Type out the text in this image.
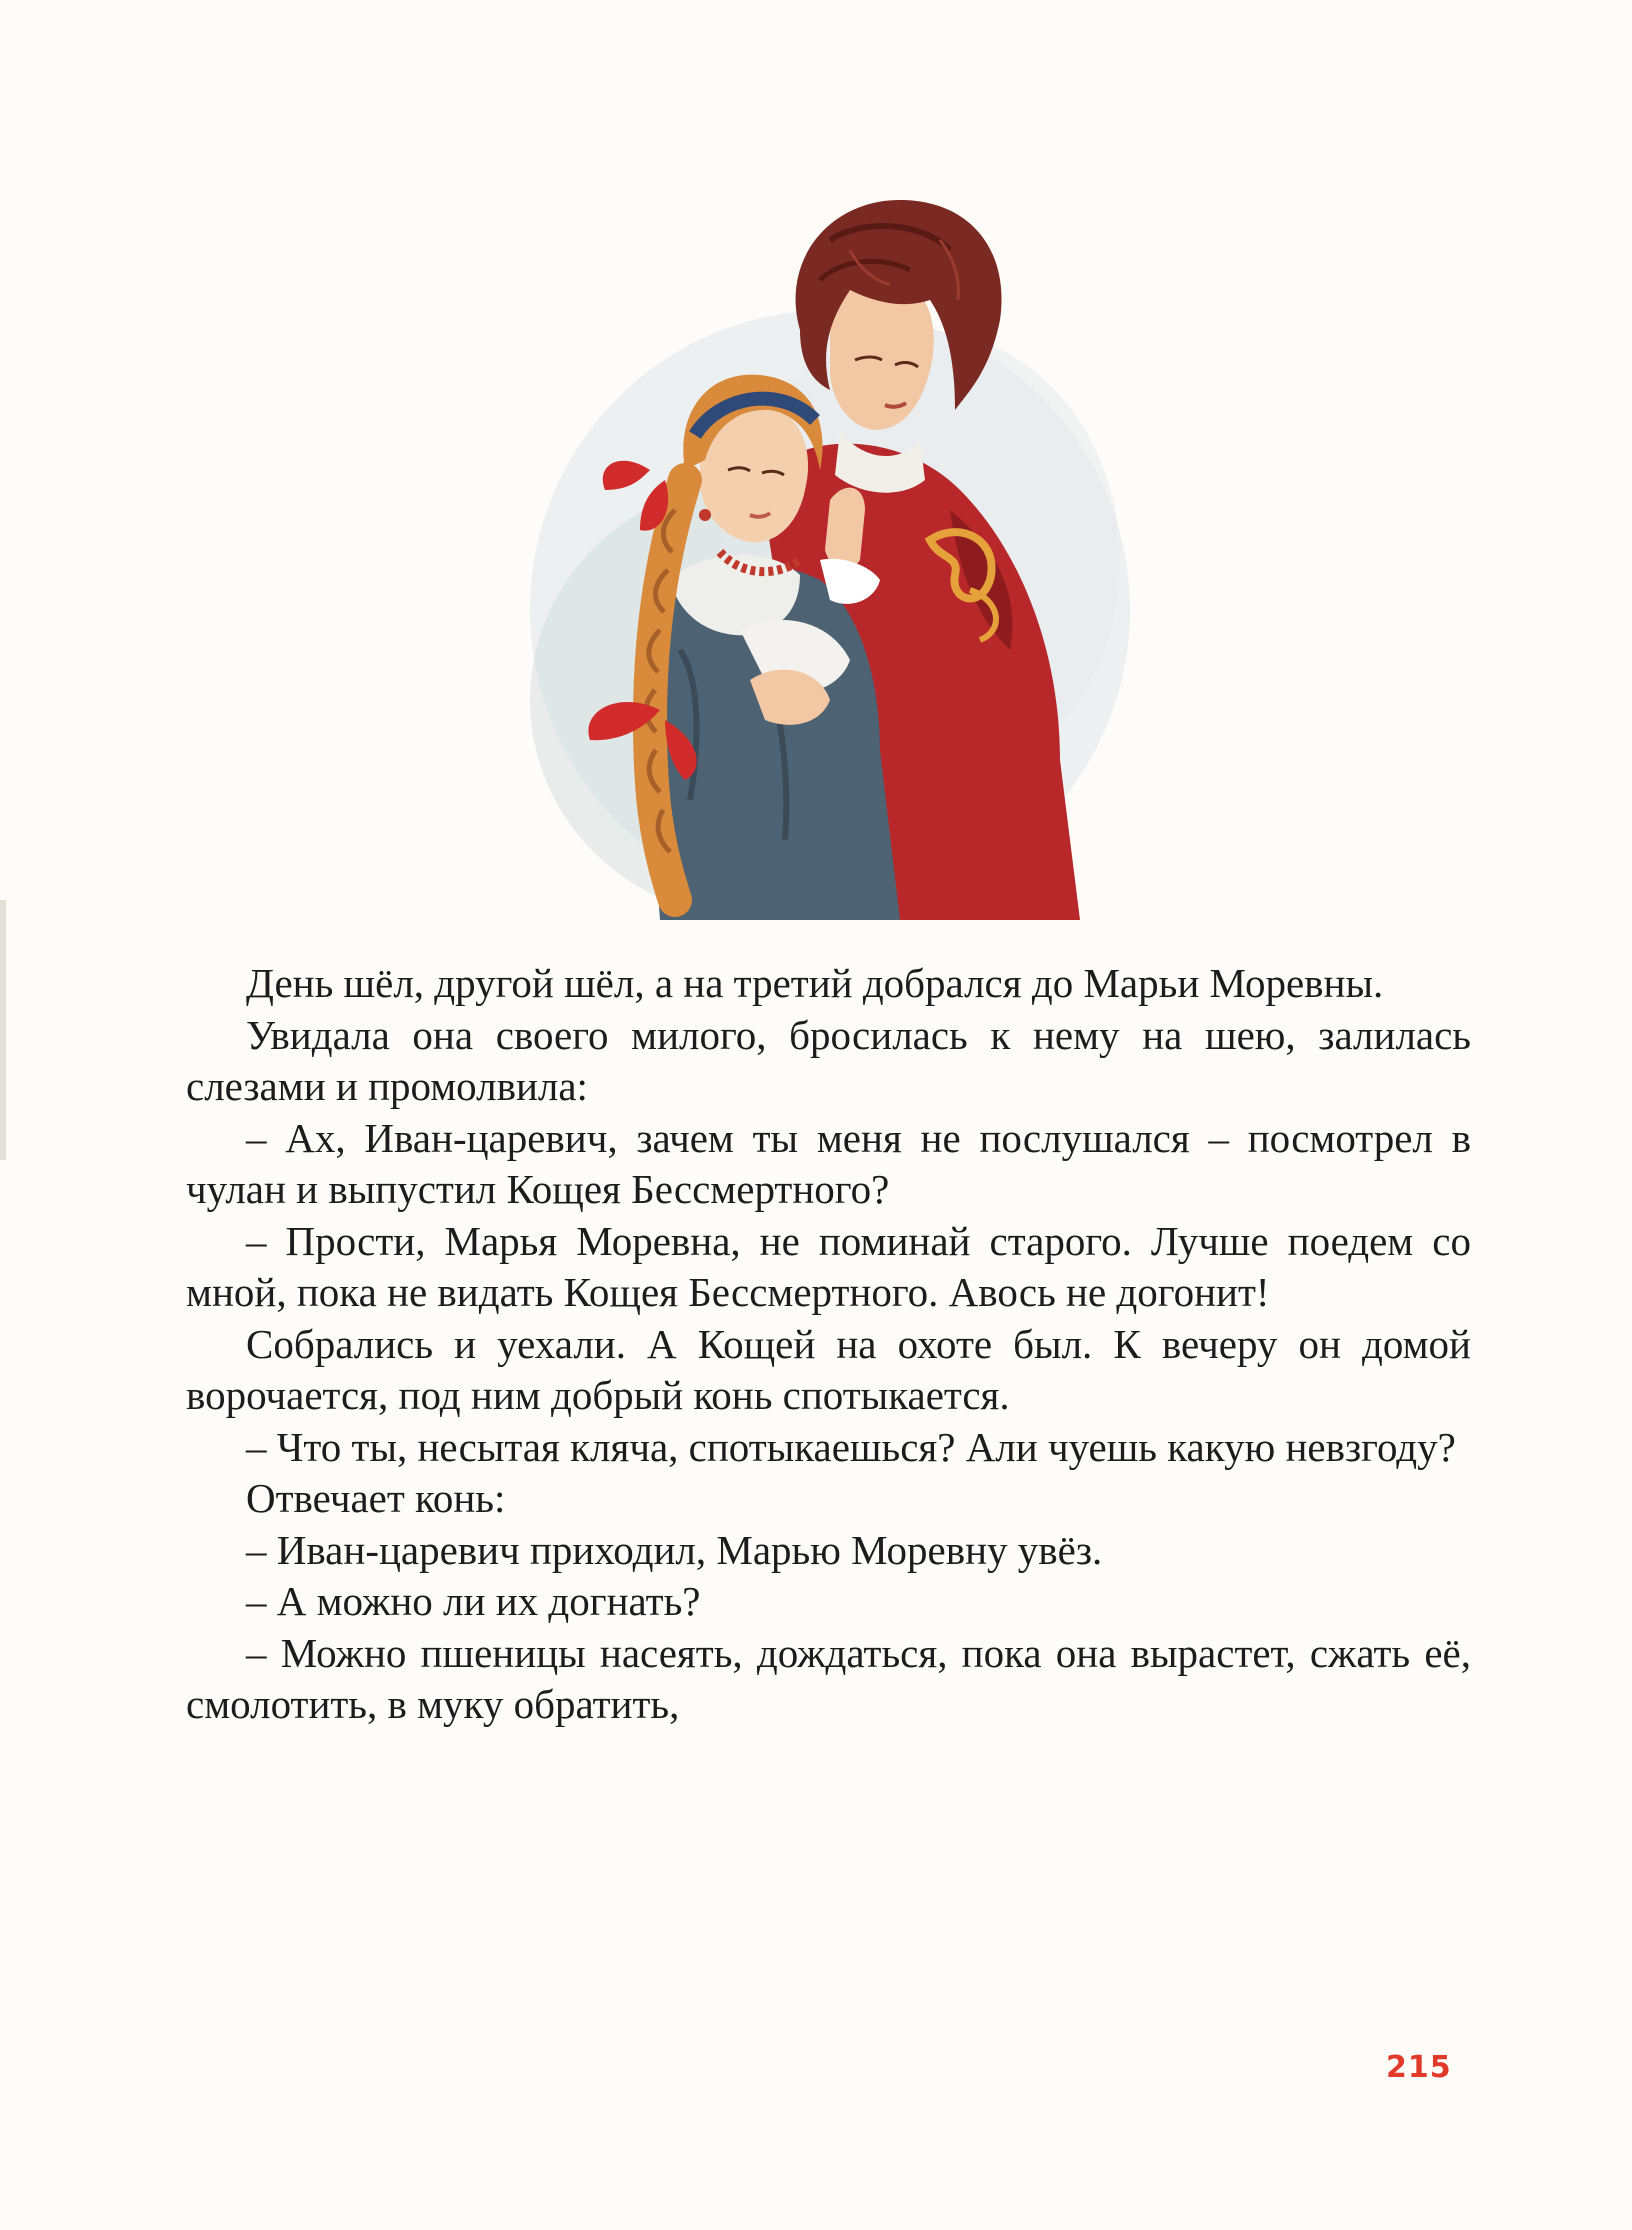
День шёл, другой шёл, а на третий добрался до Марьи Моревны.

Увидала она своего милого, бросилась к нему на шею, залилась слезами и промолвила:

– Ах, Иван-царевич, зачем ты меня не послушался – посмотрел в чулан и выпустил Кощея Бессмертного?

– Прости, Марья Моревна, не поминай старого. Лучше поедем со мной, пока не видать Кощея Бессмертного. Авось не догонит!

Собрались и уехали. А Кощей на охоте был. К вечеру он домой ворочается, под ним добрый конь спотыкается.

– Что ты, несытая кляча, спотыкаешься? Али чуешь какую невзгоду?

Отвечает конь:

– Иван-царевич приходил, Марью Моревну увёз.

– А можно ли их догнать?

– Можно пшеницы насеять, дождаться, пока она вырастет, сжать её, смолотить, в муку обратить,

215
